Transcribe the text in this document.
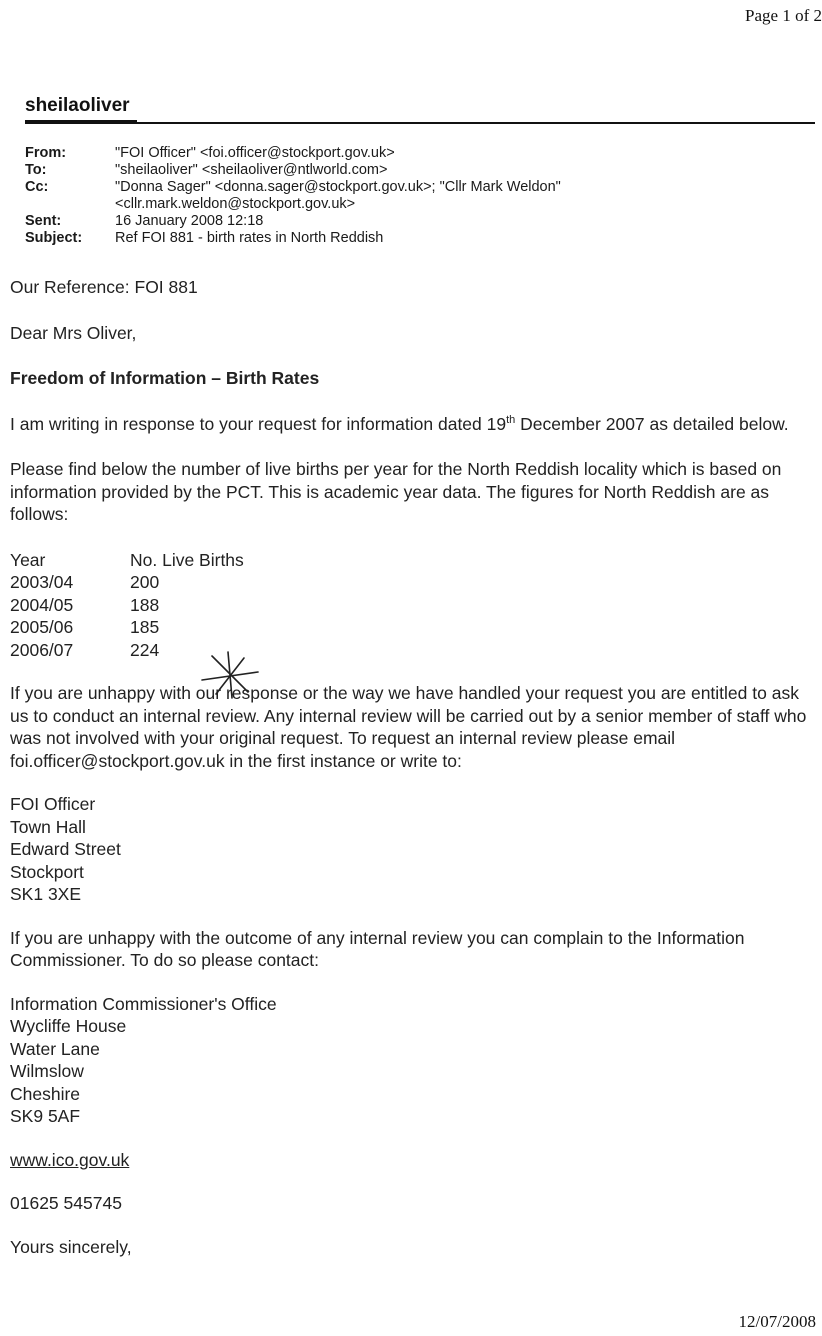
Page 1 of 2
sheilaoliver
From:	"FOI Officer" <foi.officer@stockport.gov.uk>
To:	"sheilaoliver" <sheilaoliver@ntlworld.com>
Cc:	"Donna Sager" <donna.sager@stockport.gov.uk>; "Cllr Mark Weldon"
<cllr.mark.weldon@stockport.gov.uk>
Sent:	16 January 2008 12:18
Subject:	Ref FOI 881 - birth rates in North Reddish

Our Reference: FOI 881

Dear Mrs Oliver,

Freedom of Information – Birth Rates

I am writing in response to your request for information dated 19th December 2007 as detailed below.

Please find below the number of live births per year for the North Reddish locality which is based on information provided by the PCT. This is academic year data. The figures for North Reddish are as follows:

Year	No. Live Births
2003/04	200
2004/05	188
2005/06	185
2006/07	224

If you are unhappy with our response or the way we have handled your request you are entitled to ask us to conduct an internal review. Any internal review will be carried out by a senior member of staff who was not involved with your original request. To request an internal review please email foi.officer@stockport.gov.uk in the first instance or write to:

FOI Officer

Town Hall

Edward Street

Stockport

SK1 3XE

If you are unhappy with the outcome of any internal review you can complain to the Information Commissioner. To do so please contact:

Information Commissioner's Office

Wycliffe House

Water Lane

Wilmslow

Cheshire

SK9 5AF

www.ico.gov.uk

01625 545745

Yours sincerely,

12/07/2008
